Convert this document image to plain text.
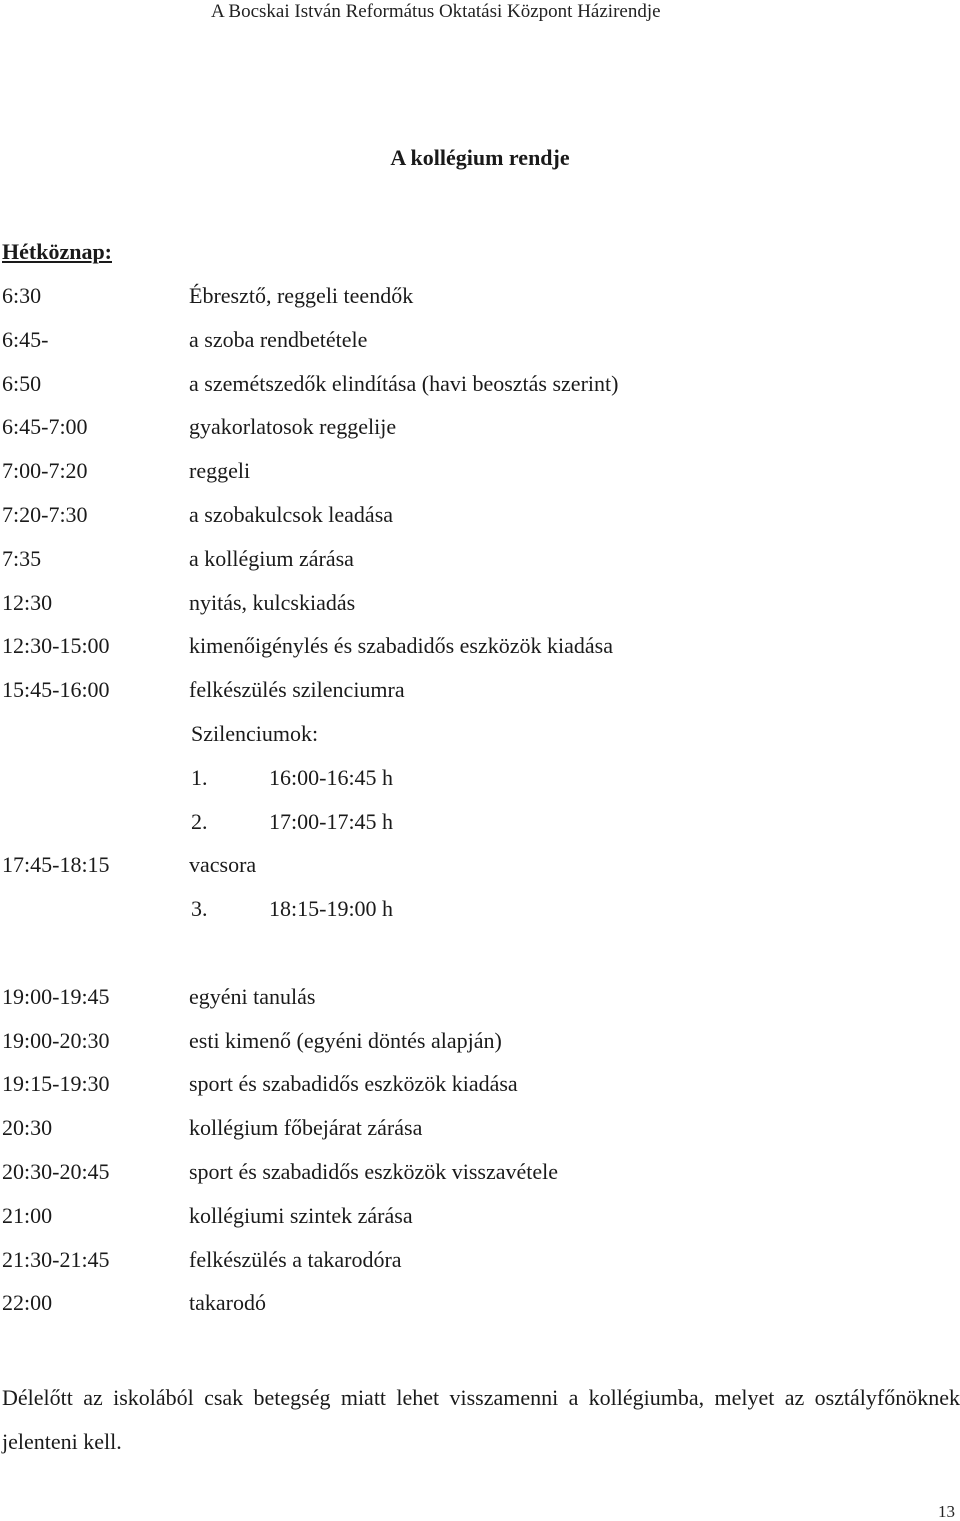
A Bocskai István Református Oktatási Központ Házirendje
A kollégium rendje
Hétköznap:
6:30	Ébresztő, reggeli teendők
6:45-	a szoba rendbetétele
6:50	a szemétszedők elindítása (havi beosztás szerint)
6:45-7:00	gyakorlatosok reggelije
7:00-7:20	reggeli
7:20-7:30	a szobakulcsok leadása
7:35	a kollégium zárása
12:30	nyitás, kulcskiadás
12:30-15:00	kimenőigénylés és szabadidős eszközök kiadása
15:45-16:00	felkészülés szilenciumra
Szilenciumok:
1.	16:00-16:45 h
2.	17:00-17:45 h
17:45-18:15	vacsora
3.	18:15-19:00 h
19:00-19:45	egyéni tanulás
19:00-20:30	esti kimenő (egyéni döntés alapján)
19:15-19:30	sport és szabadidős eszközök kiadása
20:30	kollégium főbejárat zárása
20:30-20:45	sport és szabadidős eszközök visszavétele
21:00	kollégiumi szintek zárása
21:30-21:45	felkészülés a takarodóra
22:00	takarodó
Délelőtt az iskolából csak betegség miatt lehet visszamenni a kollégiumba, melyet az osztályfőnöknek jelenteni kell.
13
